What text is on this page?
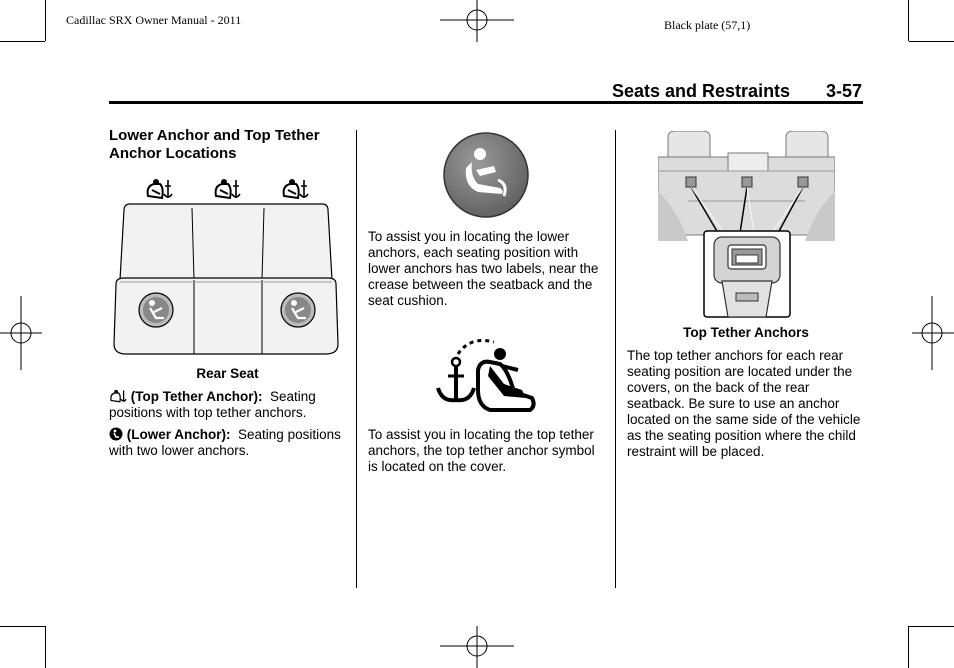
Cadillac SRX Owner Manual - 2011	Black plate (57,1)
Seats and Restraints 3-57
Lower Anchor and Top Tether Anchor Locations
Rear Seat
(Top Tether Anchor): Seating positions with top tether anchors.
(Lower Anchor): Seating positions with two lower anchors.
To assist you in locating the lower anchors, each seating position with lower anchors has two labels, near the crease between the seatback and the seat cushion.
To assist you in locating the top tether anchors, the top tether anchor symbol is located on the cover.
Top Tether Anchors
The top tether anchors for each rear seating position are located under the covers, on the back of the rear seatback. Be sure to use an anchor located on the same side of the vehicle as the seating position where the child restraint will be placed.
